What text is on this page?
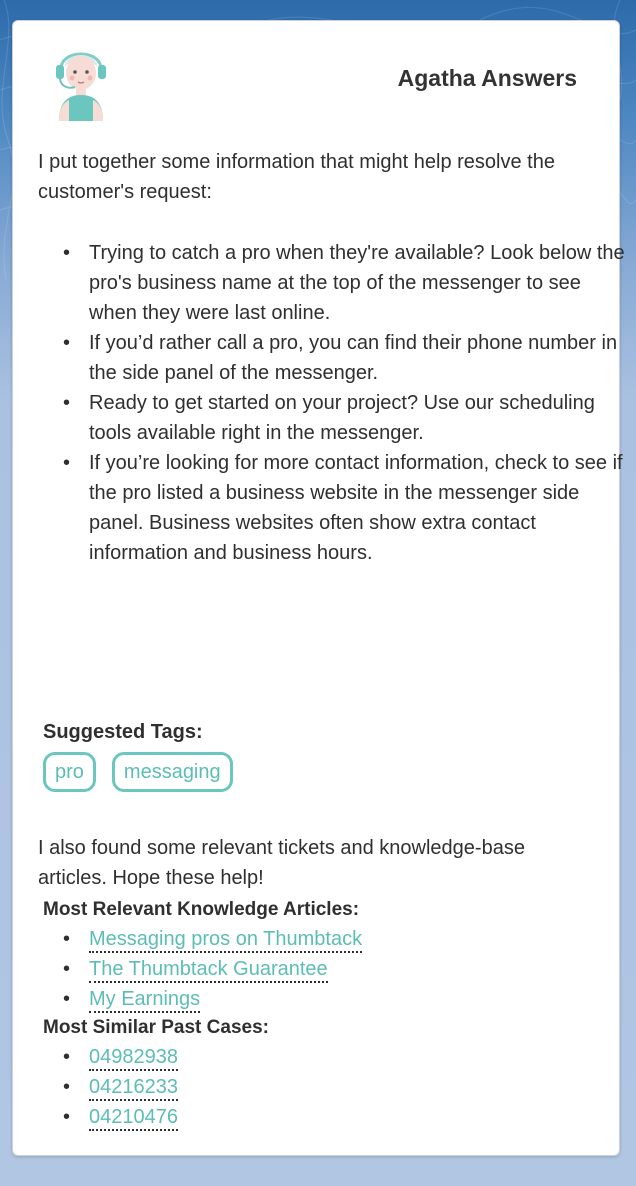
Agatha Answers

I put together some information that might help resolve the customer's request:

• Trying to catch a pro when they're available? Look below the pro's business name at the top of the messenger to see when they were last online.
• If you’d rather call a pro, you can find their phone number in the side panel of the messenger.
• Ready to get started on your project? Use our scheduling tools available right in the messenger.
• If you’re looking for more contact information, check to see if the pro listed a business website in the messenger side panel. Business websites often show extra contact information and business hours.

Suggested Tags:

pro	messaging

I also found some relevant tickets and knowledge-base articles. Hope these help!

Most Relevant Knowledge Articles:

• Messaging pros on Thumbtack
• The Thumbtack Guarantee
• My Earnings

Most Similar Past Cases:

• 04982938
• 04216233
• 04210476
